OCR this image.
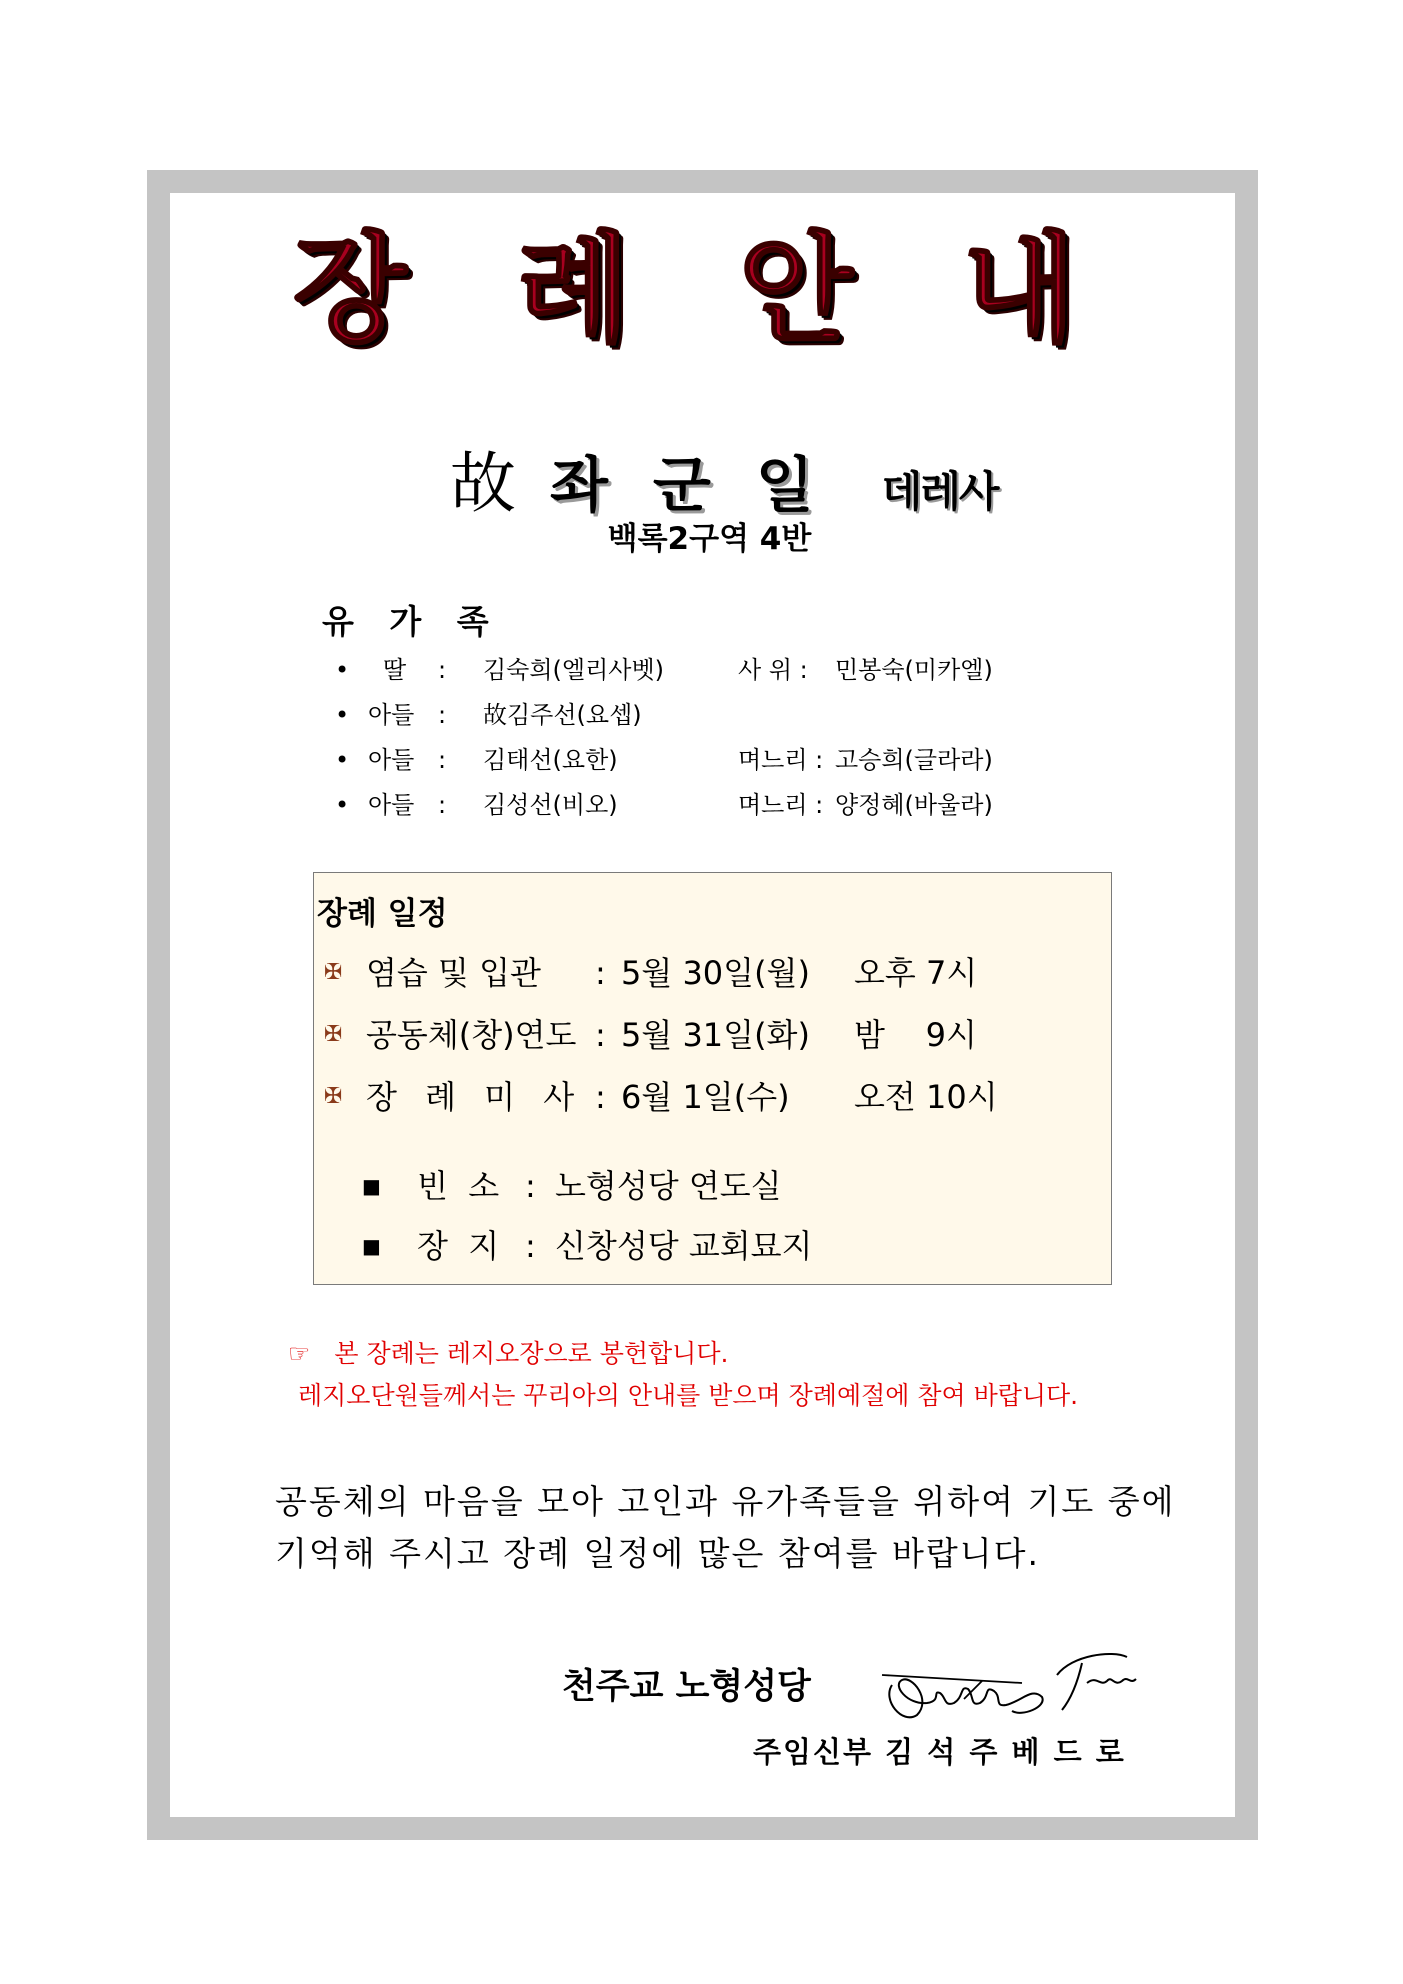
장 례 안 내
故 좌 군 일 데레사
백록2구역 4반
유 가 족
• 딸 : 김숙희(엘리사벳)	사 위 : 민봉숙(미카엘)
• 아들 : 故김주선(요셉)
• 아들 : 김태선(요한)	며느리 : 고승희(글라라)
• 아들 : 김성선(비오)	며느리 : 양정혜(바울라)
장례 일정
✠ 염습 및 입관 : 5월 30일(월) 오후 7시
✠ 공동체(창)연도 : 5월 31일(화) 밤    9시
✠ 장 례 미 사 : 6월 1일(수) 오전 10시
■ 빈  소 : 노형성당 연도실
■ 장  지 : 신창성당 교회묘지
☞ 본 장례는 레지오장으로 봉헌합니다.
레지오단원들께서는 꾸리아의 안내를 받으며 장례예절에 참여 바랍니다.
공동체의 마음을 모아 고인과 유가족들을 위하여 기도 중에
기억해 주시고 장례 일정에 많은 참여를 바랍니다.
천주교 노형성당
주임신부 김 석 주 베 드 로
